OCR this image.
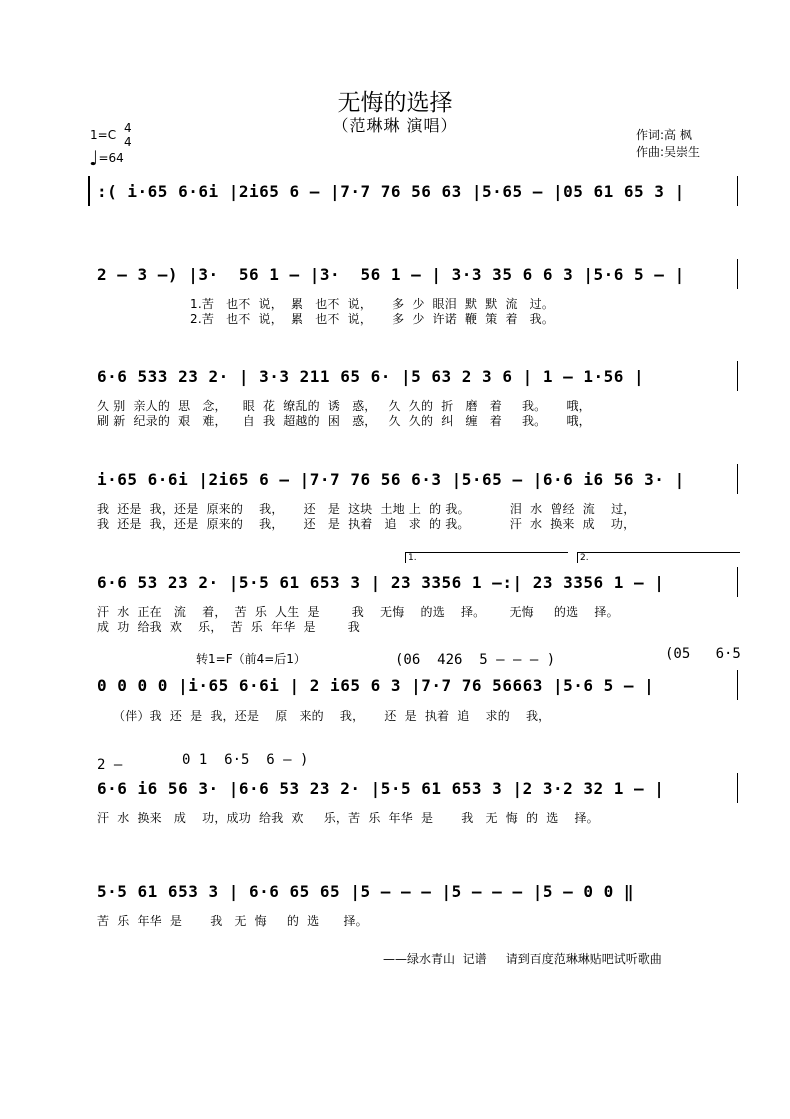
无悔的选择
（范琳琳 演唱）
1=C 4
4
♩=64
作词:高 枫
作曲:吴崇生
:( i·65 6·6i |2i65 6 – |7·7 76 56 63 |5·65 – |05 61 65 3 |
2 – 3 –) |3·  56 1 – |3·  56 1 – | 3·3 35 6 6 3 |5·6 5 – |
1.苦   也不  说，  累   也不  说，     多  少  眼泪  默  默  流   过。
2.苦   也不  说，  累   也不  说，     多  少  许诺  鞭  策  着   我。
6·6 533 23 2· | 3·3 211 65 6· |5 63 2 3 6 | 1 – 1·56 |
久 别  亲人的  思   念，    眼  花  缭乱的  诱   惑，   久  久的  折   磨   着     我。     哦，
刷 新  纪录的  艰   难，    自  我  超越的  困   惑，   久  久的  纠   缠   着     我。     哦，
i·65 6·6i |2i65 6 – |7·7 76 56 6·3 |5·65 – |6·6 i6 56 3· |
我  还是  我，还是  原来的    我，     还   是  这块  土地 上  的 我。          泪  水  曾经  流    过，
我  还是  我，还是  原来的    我，     还   是  执着   追   求  的 我。          汗  水  换来  成    功，
1.	2.
6·6 53 23 2· |5·5 61 653 3 | 23 3356 1 –:| 23 3356 1 – |
汗  水  正在   流    着，  苦  乐  人生  是        我    无悔    的选    择。      无悔     的选    择。
成  功  给我  欢    乐，  苦  乐  年华  是        我
转1=F（前4=后1）	(06  426  5 – – – )	(05   6·5
0 0 0 0 |i·65 6·6i | 2 i65 6 3 |7·7 76 56663 |5·6 5 – |
（伴）我  还  是  我，还是    原   来的    我，     还  是  执着  追    求的    我，
2 –	0 1  6·5  6 – )
6·6 i6 56 3· |6·6 53 23 2· |5·5 61 653 3 |2 3·2 32 1 – |
汗  水  换来   成    功，成功  给我  欢     乐，苦  乐  年华  是       我   无  悔  的  选    择。
5·5 61 653 3 | 6·6 65 65 |5 – – – |5 – – – |5 – 0 0 ‖
苦  乐  年华  是       我   无  悔     的  选      择。
——绿水青山  记谱     请到百度范琳琳贴吧试听歌曲
